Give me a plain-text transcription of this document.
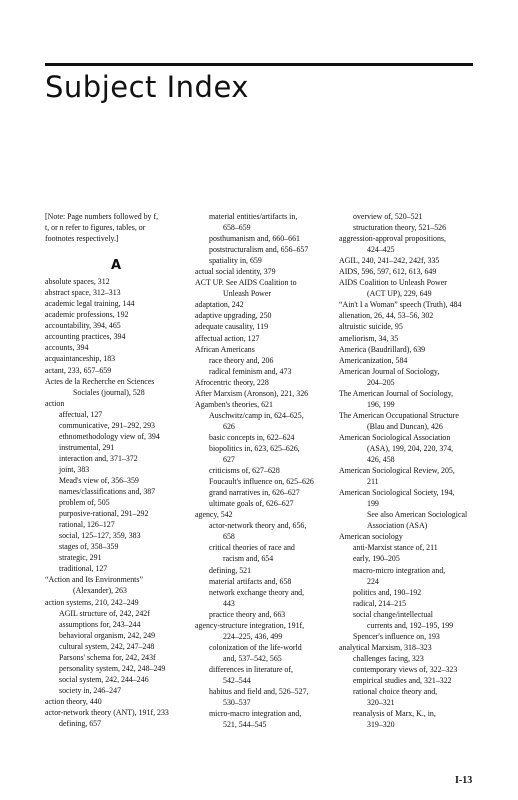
Subject Index
[Note: Page numbers followed by f,
t, or n refer to figures, tables, or
footnotes respectively.]
A
absolute spaces, 312
abstract space, 312–313
academic legal training, 144
academic professions, 192
accountability, 394, 465
accounting practices, 394
accounts, 394
acquaintanceship, 183
actant, 233, 657–659
Actes de la Recherche en Sciences
Sociales (journal), 528
action
affectual, 127
communicative, 291–292, 293
ethnomethodology view of, 394
instrumental, 291
interaction and, 371–372
joint, 383
Mead's view of, 356–359
names/classifications and, 387
problem of, 505
purposive-rational, 291–292
rational, 126–127
social, 125–127, 359, 383
stages of, 358–359
strategic, 291
traditional, 127
“Action and Its Environments”
(Alexander), 263
action systems, 210, 242–249
AGIL structure of, 242, 242f
assumptions for, 243–244
behavioral organism, 242, 249
cultural system, 242, 247–248
Parsons' schema for, 242, 243f
personality system, 242, 248–249
social system, 242, 244–246
society in, 246–247
action theory, 440
actor-network theory (ANT), 191f, 233
defining, 657
material entities/artifacts in,
658–659
posthumanism and, 660–661
poststructuralism and, 656–657
spatiality in, 659
actual social identity, 379
ACT UP. See AIDS Coalition to
Unleash Power
adaptation, 242
adaptive upgrading, 250
adequate causality, 119
affectual action, 127
African Americans
race theory and, 206
radical feminism and, 473
Afrocentric theory, 228
After Marxism (Aronson), 221, 326
Agamben's theories, 621
Auschwitz/camp in, 624–625,
626
basic concepts in, 622–624
biopolitics in, 623, 625–626,
627
criticisms of, 627–628
Foucault's influence on, 625–626
grand narratives in, 626–627
ultimate goals of, 626–627
agency, 542
actor-network theory and, 656,
658
critical theories of race and
racism and, 654
defining, 521
material artifacts and, 658
network exchange theory and,
443
practice theory and, 663
agency-structure integration, 191f,
224–225, 436, 499
colonization of the life-world
and, 537–542, 565
differences in literature of,
542–544
habitus and field and, 526–527,
530–537
micro-macro integration and,
521, 544–545
overview of, 520–521
structuration theory, 521–526
aggression-approval propositions,
424–425
AGIL, 240, 241–242, 242f, 335
AIDS, 596, 597, 612, 613, 649
AIDS Coalition to Unleash Power
(ACT UP), 229, 649
“Ain't I a Woman” speech (Truth), 484
alienation, 26, 44, 53–56, 302
altruistic suicide, 95
ameliorism, 34, 35
America (Baudrillard), 639
Americanization, 584
American Journal of Sociology,
204–205
The American Journal of Sociology,
196, 199
The American Occupational Structure
(Blau and Duncan), 426
American Sociological Association
(ASA), 199, 204, 220, 374,
426, 458
American Sociological Review, 205,
211
American Sociological Society, 194,
199
See also American Sociological
Association (ASA)
American sociology
anti-Marxist stance of, 211
early, 190–205
macro-micro integration and,
224
politics and, 190–192
radical, 214–215
social change/intellectual
currents and, 192–195, 199
Spencer's influence on, 193
analytical Marxism, 318–323
challenges facing, 323
contemporary views of, 322–323
empirical studies and, 321–322
rational choice theory and,
320–321
reanalysis of Marx, K., in,
319–320
I-13
